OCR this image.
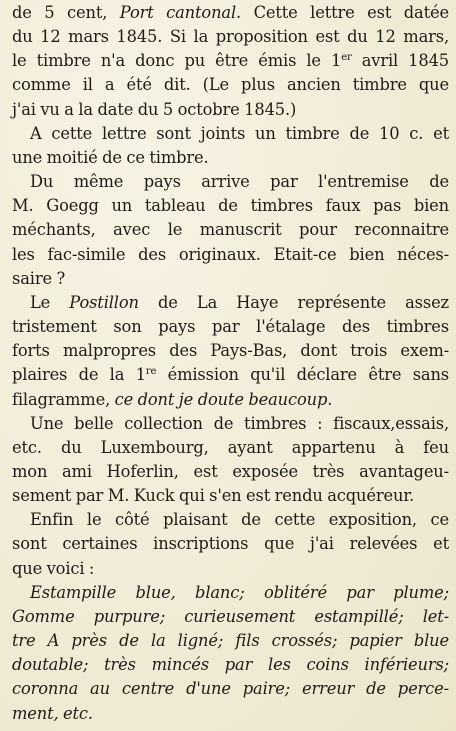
de 5 cent, Port cantonal. Cette lettre est datée
du 12 mars 1845. Si la proposition est du 12 mars,
le timbre n'a donc pu être émis le 1er avril 1845
comme il a été dit. (Le plus ancien timbre que
j'ai vu a la date du 5 octobre 1845.)

A cette lettre sont joints un timbre de 10 c. et
une moitié de ce timbre.

Du même pays arrive par l'entremise de
M. Goegg un tableau de timbres faux pas bien
méchants, avec le manuscrit pour reconnaitre
les fac-simile des originaux. Etait-ce bien néces-
saire ?

Le Postillon de La Haye représente assez
tristement son pays par l'étalage des timbres
forts malpropres des Pays-Bas, dont trois exem-
plaires de la 1re émission qu'il déclare être sans
filagramme, ce dont je doute beaucoup.

Une belle collection de timbres : fiscaux,essais,
etc. du Luxembourg, ayant appartenu à feu
mon ami Hoferlin, est exposée très avantageu-
sement par M. Kuck qui s'en est rendu acquéreur.

Enfin le côté plaisant de cette exposition, ce
sont certaines inscriptions que j'ai relevées et
que voici :

Estampille blue, blanc; oblitéré par plume;
Gomme purpure; curieusement estampillé; let-
tre A près de la ligné; fils crossés; papier blue
doutable; très mincés par les coins inférieurs;
coronna au centre d'une paire; erreur de perce-
ment, etc.
